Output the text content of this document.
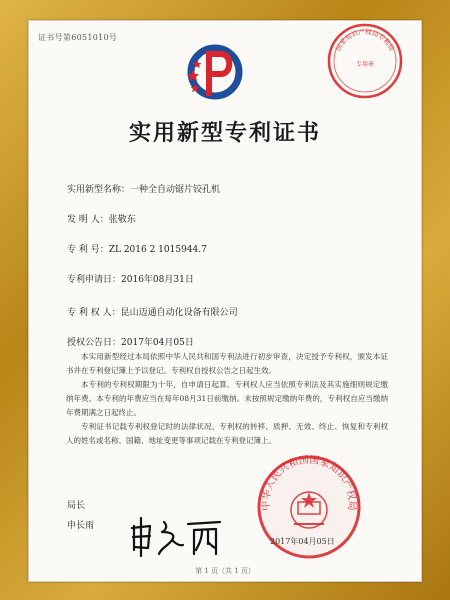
证书号第6051010号
国家知识产权局专利局
专用章
实用新型专利证书
实用新型名称：一种全自动锯片铰孔机
发 明 人：张敬东
专 利 号：ZL 2016 2 1015944.7
专利申请日：2016年08月31日
专 利 权 人：昆山迈通自动化设备有限公司
授权公告日：2017年04月05日

本实用新型经过本局依照中华人民共和国专利法进行初步审查，决定授予专利权，颁发本证书并在专利登记簿上予以登记。专利权自授权公告之日起生效。

本专利的专利权期限为十年，自申请日起算。专利权人应当依照专利法及其实施细则规定缴纳年费。本专利的年费应当在每年08月31日前缴纳。未按照规定缴纳年费的，专利权自应当缴纳年费期满之日起终止。

专利证书记载专利权登记时的法律状况。专利权的转移、质押、无效、终止、恢复和专利权人的姓名或名称、国籍、地址变更等事项记载在专利登记簿上。

局长
申长雨
中华人民共和国国家知识产权局
2017年04月05日
第 1 页（共 1 页）
